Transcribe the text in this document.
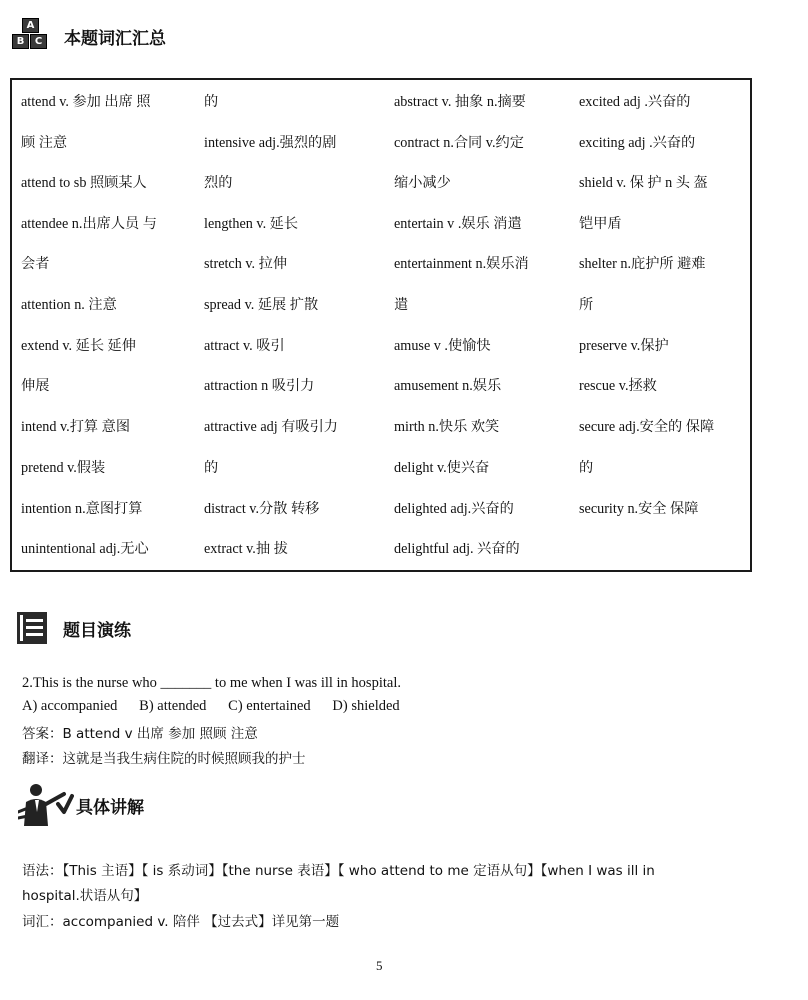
A
B	C 本题词汇汇总
attend v. 参加 出席 照
顾 注意
attend to sb 照顾某人
attendee n.出席人员 与
会者
attention n. 注意
extend v. 延长 延伸
伸展
intend v.打算 意图
pretend v.假装
intention n.意图打算
unintentional adj.无心
的
intensive adj.强烈的剧
烈的
lengthen v. 延长
stretch v. 拉伸
spread v. 延展 扩散
attract v. 吸引
attraction n 吸引力
attractive adj 有吸引力
的
distract v.分散 转移
extract v.抽 拔
abstract v. 抽象 n.摘要
contract n.合同 v.约定
缩小减少
entertain v .娱乐 消遣
entertainment n.娱乐消
遣
amuse v .使愉快
amusement n.娱乐
mirth n.快乐 欢笑
delight v.使兴奋
delighted adj.兴奋的
delightful adj. 兴奋的
excited adj .兴奋的
exciting adj .兴奋的
shield v. 保 护 n 头 盔
铠甲盾
shelter n.庇护所 避难
所
preserve v.保护
rescue v.拯救
secure adj.安全的 保障
的
security n.安全 保障
题目演练
2.This is the nurse who _______ to me when I was ill in hospital.
A) accompanied      B) attended      C) entertained      D) shielded
答案：B attend v 出席 参加 照顾 注意
翻译：这就是当我生病住院的时候照顾我的护士
具体讲解
语法：【This 主语】【 is 系动词】【the nurse 表语】【 who attend to me 定语从句】【when I was ill in
hospital.状语从句】
词汇：accompanied v. 陪伴 【过去式】详见第一题
5
